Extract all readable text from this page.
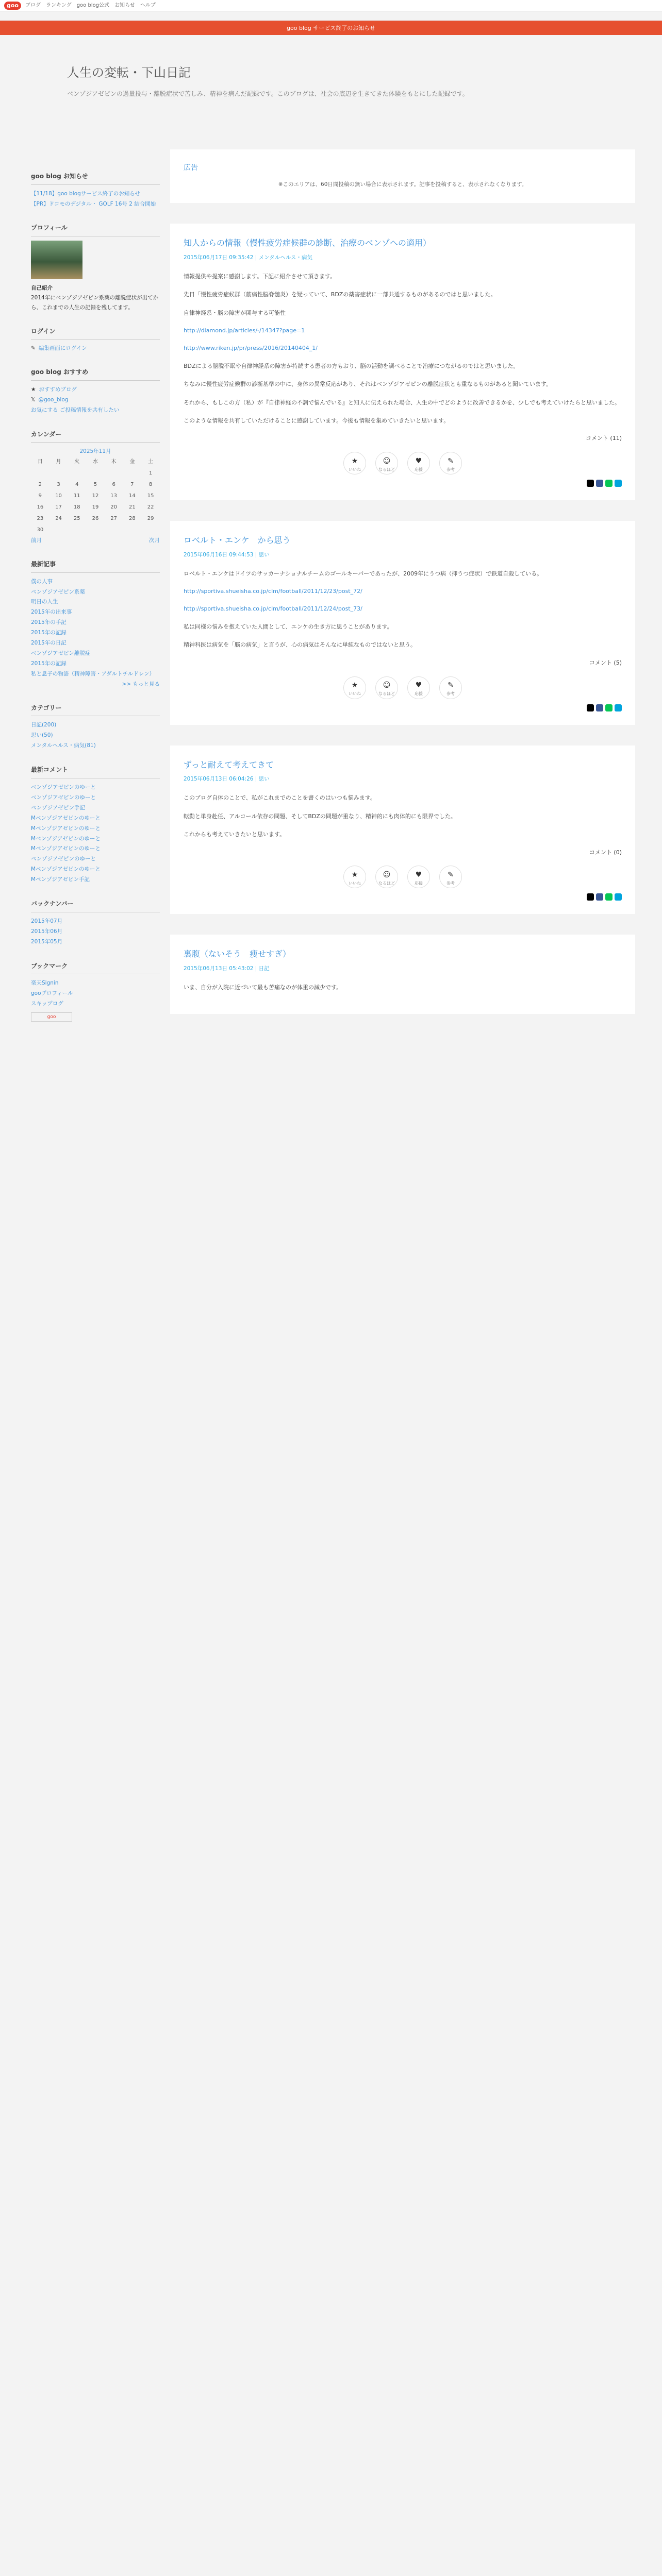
goo	ブログ ランキング goo blog公式 お知らせ ヘルプ
goo blog サービス終了のお知らせ
人生の変転・下山日記
ベンゾジアゼピンの過量投与・離脱症状で苦しみ、精神を病んだ記録です。このブログは、社会の底辺を生きてきた体験をもとにした記録です。
goo blog お知らせ
【11/18】goo blogサービス終了のお知らせ
【PR】ドコモのデジタル・ GOLF 16号 2 結合開始
プロフィール
自己紹介
2014年にベンゾジアゼピン系薬の離脱症状が出てから、これまでの人生の記録を残してます。
ログイン
✎ 編集画面にログイン
goo blog おすすめ
★ おすすめブログ
𝕏 @goo_blog
お気にする ご投稿情報を共有したい
カレンダー
2025年11月
日	月	火	水	木	金	土
						1
2	3	4	5	6	7	8
9	10	11	12	13	14	15
16	17	18	19	20	21	22
23	24	25	26	27	28	29
30						
前月	次月
最新記事
僕の人事
ベンゾジアゼピン系薬
明日の人生
2015年の出来事
2015年の手記
2015年の記録
2015年の日記
ベンゾジアゼピン離脱症
2015年の記録
私と息子の物語（精神障害・アダルトチルドレン）
>> もっと見る
カテゴリー
日記(200)
思い(50)
メンタルヘルス・病気(81)
最新コメント
ベンゾジアゼピンのゆーと
ベンゾジアゼピンのゆーと
ベンゾジアゼピン手記
Mベンゾジアゼピンのゆーと
Mベンゾジアゼピンのゆーと
Mベンゾジアゼピンのゆーと
Mベンゾジアゼピンのゆーと
ベンゾジアゼピンのゆーと
Mベンゾジアゼピンのゆーと
Mベンゾジアゼピン手記
バックナンバー
2015年07月
2015年06月
2015年05月
ブックマーク
楽天Signin
gooプロフィール
スキップログ
goo
広告
※このエリアは、60日間投稿の無い場合に表示されます。記事を投稿すると、表示されなくなります。
知人からの情報（慢性疲労症候群の診断、治療のベンゾへの適用）
2015年06月17日 09:35:42 | メンタルヘルス・病気

情報提供や提案に感謝します。下記に紹介させて頂きます。

先日「慢性疲労症候群（筋痛性脳脊髄炎）を疑っていて、BDZの薬害症状に一部共通するものがあるのではと思いました。

自律神経系・脳の障害が関与する可能性

http://diamond.jp/articles/-/14347?page=1
http://www.riken.jp/pr/press/2016/20140404_1/

BDZによる脳脱不眠や自律神経系の障害が持続する患者の方もおり、脳の活動を調べることで治療につながるのではと思いました。

ちなみに慢性疲労症候群の診断基準の中に、身体の異常反応があり、それはベンゾジアゼピンの離脱症状とも重なるものがあると聞いています。

それから、もしこの方（私）が『自律神経の不調で悩んでいる』と知人に伝えられた場合、人生の中でどのように改善できるかを、少しでも考えていけたらと思いました。

このような情報を共有していただけることに感謝しています。今後も情報を集めていきたいと思います。

コメント (11)
★
いいね
☺
なるほど
♥
応援
✎
参考
ロベルト・エンケ　から思う
2015年06月16日 09:44:53 | 思い

ロベルト・エンケはドイツのサッカーナショナルチームのゴールキーパーであったが、2009年にうつ病（抑うつ症状）で鉄道自殺している。

http://sportiva.shueisha.co.jp/clm/football/2011/12/23/post_72/
http://sportiva.shueisha.co.jp/clm/football/2011/12/24/post_73/

私は同様の悩みを抱えていた人間として、エンケの生き方に思うことがあります。

精神科医は病気を「脳の病気」と言うが、心の病気はそんなに単純なものではないと思う。

コメント (5)
★
いいね
☺
なるほど
♥
応援
✎
参考
ずっと耐えて考えてきて
2015年06月13日 06:04:26 | 思い

このブログ自体のことで、私がこれまでのことを書くのはいつも悩みます。

転勤と単身赴任、アルコール依存の問題、そしてBDZの問題が重なり、精神的にも肉体的にも限界でした。

これからも考えていきたいと思います。

コメント (0)
★
いいね
☺
なるほど
♥
応援
✎
参考
裏腹（ないそう　痩せすぎ）
2015年06月13日 05:43:02 | 日記

いま、自分が入院に近づいて最も苦痛なのが体重の減少です。
